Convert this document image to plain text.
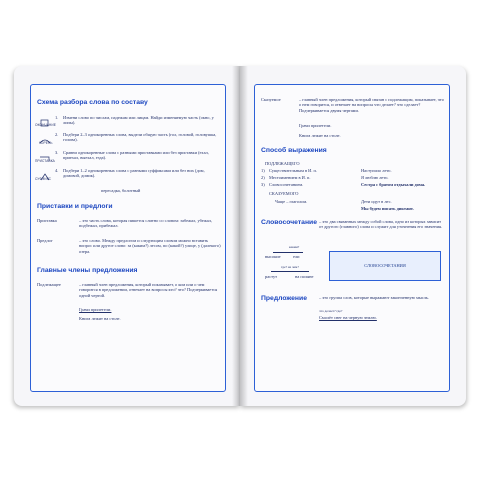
Схема разбора слова по составу
ОКОНЧАНИЕ
1. Измени слово по числам, падежам или лицам. Найди изменяемую часть (окно, у липы).
КОРЕНЬ
2. Подбери 2–3 однокоренных слова, выдели общую часть (гол, головой, головушка, голова).
ПРИСТАВКА
3. Сравни однокоренные слова с разными приставками или без приставки (ехал, приехал, выехал, езда).
СУФФИКС
4. Подбери 1–2 однокоренных слова с разными суффиксами или без них (дом, домовой, домик).
пересадка, болотный
Приставки и предлоги
Приставка	– это часть слова, которая пишется слитно со словом: забежал, убежал, подбежал, прибежал.
Предлог	– это слово. Между предлогом и следующим словом можно вставить вопрос или другое слово: за (каким?) лесом, по (какой?) улице, у (далекого) озера.
Главные члены предложения
Подлежащее	– главный член предложения, который показывает, о ком или о чем говорится в предложении, отвечает на вопросы кто? что? Подчеркивается одной чертой.
Грачи прилетели.
Книга лежит на столе.
Сказуемое	– главный член предложения, который связан с подлежащим, показывает, что о нем говорится, и отвечает на вопросы что делает? что сделает? Подчеркивается двумя чертами.
Грачи прилетели.
Книга лежит на столе.
Способ выражения
ПОДЛЕЖАЩЕГО
1) Существительным в И. п.	Наступило лето.
2) Местоимением в И. п.	Я люблю лето.
3) Словосочетанием.	Сестра с братом отдыхали дома.
СКАЗУЕМОГО
Чаще – глаголом.	Дети идут в лес.
Мы будем писать диктант.
Словосочетание – это два связанных между собой слова, одно из которых зависит от другого (главного) слова и служит для уточнения его значения.
каким?
высокие	ели
где? на чем?
растут	на поляне
СЛОВОСОЧЕТАНИЯ
Предложение	– это группа слов, которые выражают законченную мысль.
что делает? где?
Смолёт снег на черную землю.
